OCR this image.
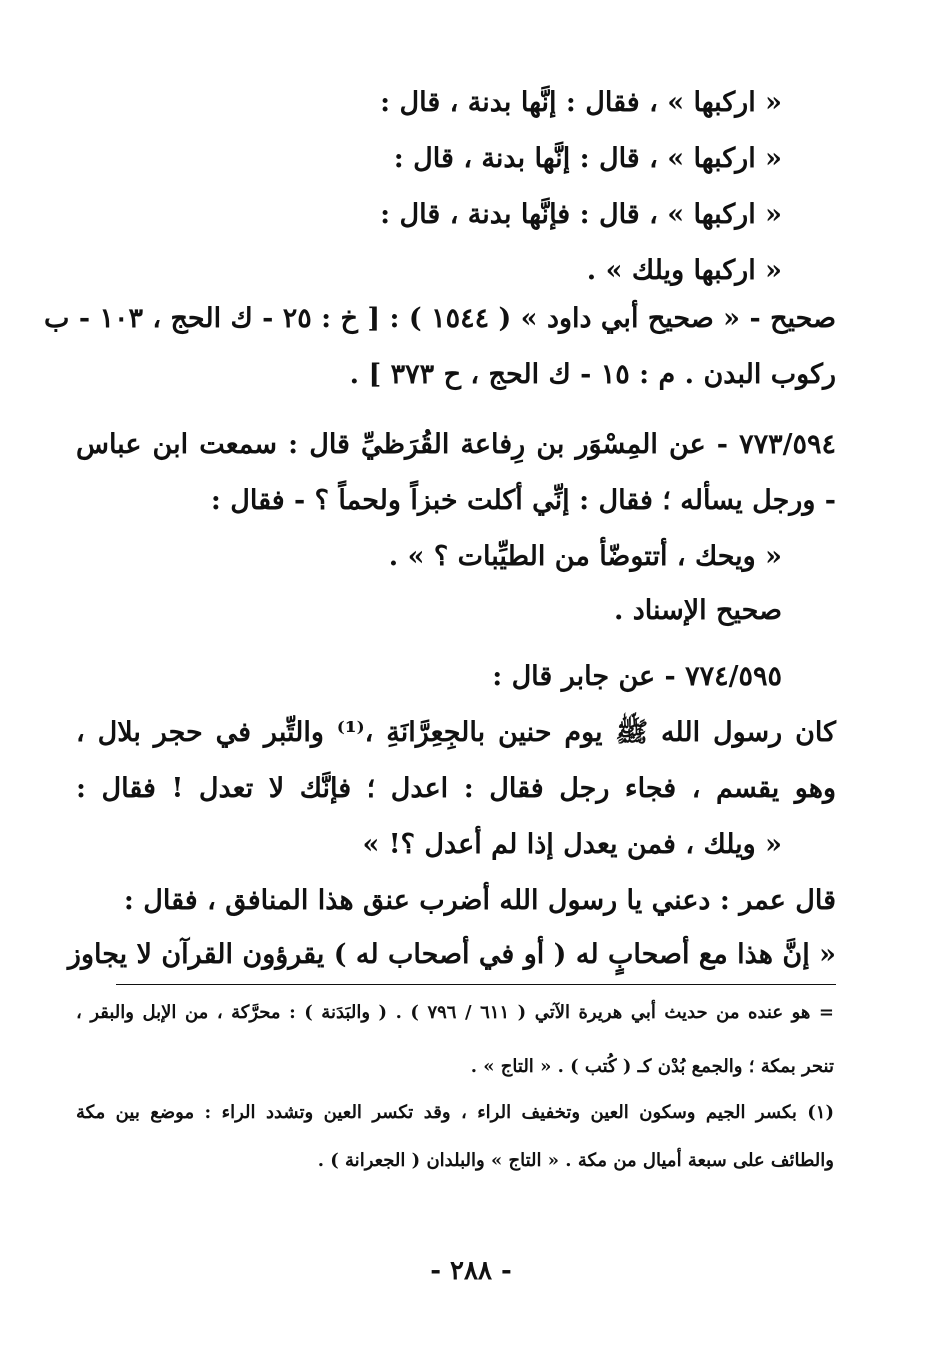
« اركبها » ، فقال : إنَّها بدنة ، قال :

« اركبها » ، قال : إنَّها بدنة ، قال :

« اركبها » ، قال : فإنَّها بدنة ، قال :

« اركبها ويلك » .

صحيح - « صحيح أبي داود » ( ١٥٤٤ ) : [ خ : ٢٥ - ك الحج ، ١٠٣ - ب

ركوب البدن . م : ١٥ - ك الحج ، ح ٣٧٣ ] .

٧٧٣/٥٩٤ - عن المِسْوَر بن رِفاعة القُرَظيِّ قال : سمعت ابن عباس

- ورجل يسأله ؛ فقال : إنِّي أكلت خبزاً ولحماً ؟ - فقال :

« ويحك ، أتتوضّأ من الطيِّبات ؟ » .

صحيح الإسناد .

٧٧٤/٥٩٥ - عن جابر قال :

كان رسول الله ﷺ يوم حنين بالجِعِرَّانَةِ ،⁽¹⁾ والتِّبر في حجر بلال ،

وهو يقسم ، فجاء رجل فقال : اعدل ؛ فإنَّك لا تعدل ! فقال :

« ويلك ، فمن يعدل إذا لم أعدل ؟! »

قال عمر : دعني يا رسول الله أضرب عنق هذا المنافق ، فقال :

« إنَّ هذا مع أصحابٍ له ( أو في أصحاب له ) يقرؤون القرآن لا يجاوز

= هو عنده من حديث أبي هريرة الآتي ( ٦١١ / ٧٩٦ ) . ( والبَدَنة ) : محرَّكة ، من الإبل والبقر ،
تنحر بمكة ؛ والجمع بُدْن كـ ( كُتب ) . « التاج » .
(١) بكسر الجيم وسكون العين وتخفيف الراء ، وقد تكسر العين وتشدد الراء : موضع بين مكة
والطائف على سبعة أميال من مكة . « التاج » والبلدان ( الجعرانة ) .
- ٢٨٨ -
